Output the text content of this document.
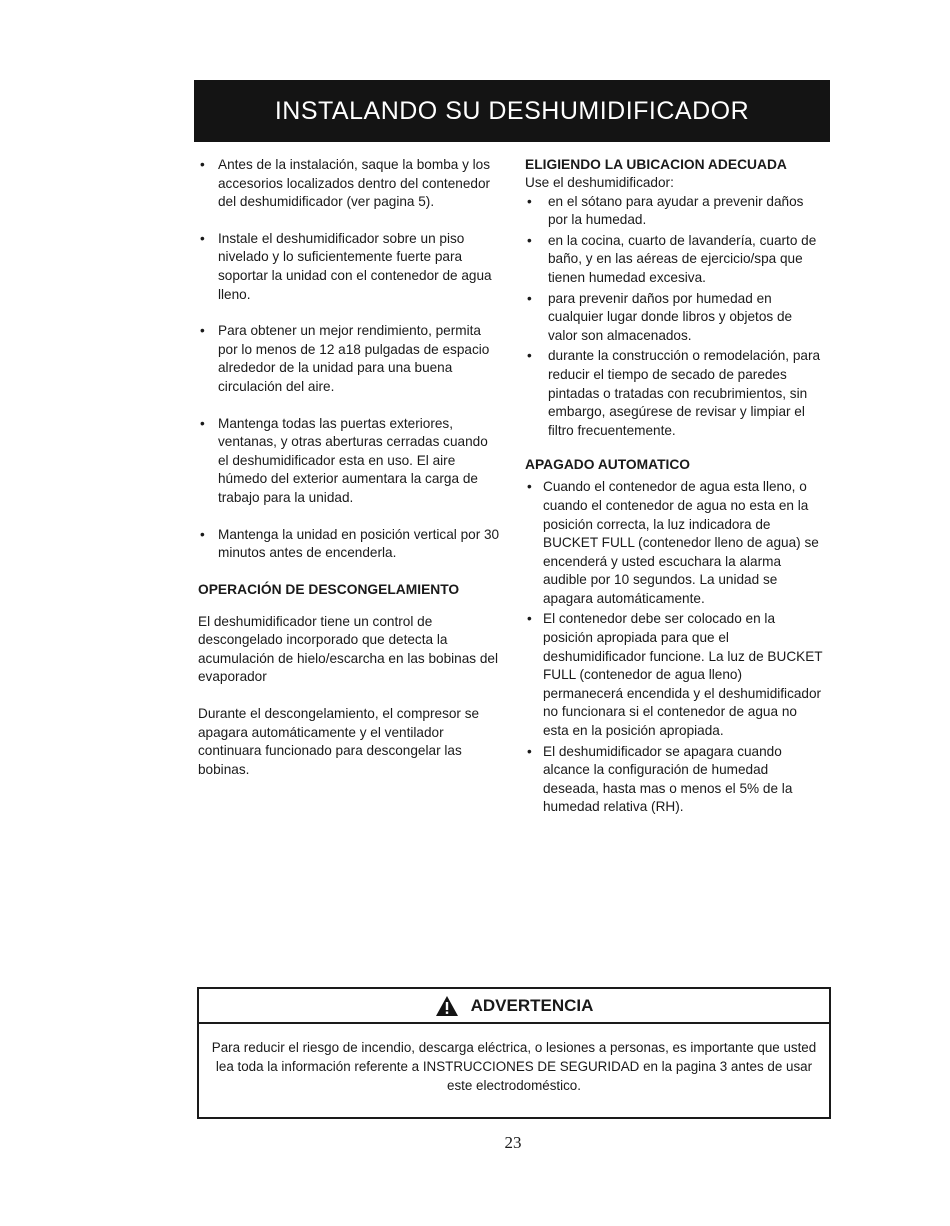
INSTALANDO SU DESHUMIDIFICADOR
• Antes de la instalación, saque la bomba y los accesorios localizados dentro del contenedor del deshumidificador (ver pagina 5).
• Instale el deshumidificador sobre un piso nivelado y lo suficientemente fuerte para soportar la unidad con el contenedor de agua lleno.
• Para obtener un mejor rendimiento, permita por lo menos de 12 a18 pulgadas de espacio alrededor de la unidad para una buena circulación del aire.
• Mantenga todas las puertas exteriores, ventanas, y otras aberturas cerradas cuando el deshumidificador esta en uso. El aire húmedo del exterior aumentara la carga de trabajo para la unidad.
• Mantenga la unidad en posición vertical por 30 minutos antes de encenderla.

OPERACIÓN DE DESCONGELAMIENTO

El deshumidificador tiene un control de descongelado incorporado que detecta la acumulación de hielo/escarcha en las bobinas del evaporador

Durante el descongelamiento, el compresor se apagara automáticamente y el ventilador continuara funcionado para descongelar las bobinas.

ELIGIENDO LA UBICACION ADECUADA

Use el deshumidificador:

• en el sótano para ayudar a prevenir daños por la humedad.
• en la cocina, cuarto de lavandería, cuarto de baño, y en las aéreas de ejercicio/spa que tienen humedad excesiva.
• para prevenir daños por humedad en cualquier lugar donde libros y objetos de valor son almacenados.
• durante la construcción o remodelación, para reducir el tiempo de secado de paredes pintadas o tratadas con recubrimientos, sin embargo, asegúrese de revisar y limpiar el filtro frecuentemente.

APAGADO AUTOMATICO

• Cuando el contenedor de agua esta lleno, o cuando el contenedor de agua no esta en la posición correcta, la luz indicadora de BUCKET FULL (contenedor lleno de agua) se encenderá y usted escuchara la alarma audible por 10 segundos. La unidad se apagara automáticamente.
• El contenedor debe ser colocado en la posición apropiada para que el deshumidificador funcione. La luz de BUCKET FULL (contenedor de agua lleno) permanecerá encendida y el deshumidificador no funcionara si el contenedor de agua no esta en la posición apropiada.
• El deshumidificador se apagara cuando alcance la configuración de humedad deseada, hasta mas o menos el 5% de la humedad relativa (RH).
ADVERTENCIA
Para reducir el riesgo de incendio, descarga eléctrica, o lesiones a personas, es importante que usted lea toda la información referente a INSTRUCCIONES DE SEGURIDAD en la pagina 3 antes de usar este electrodoméstico.
23
